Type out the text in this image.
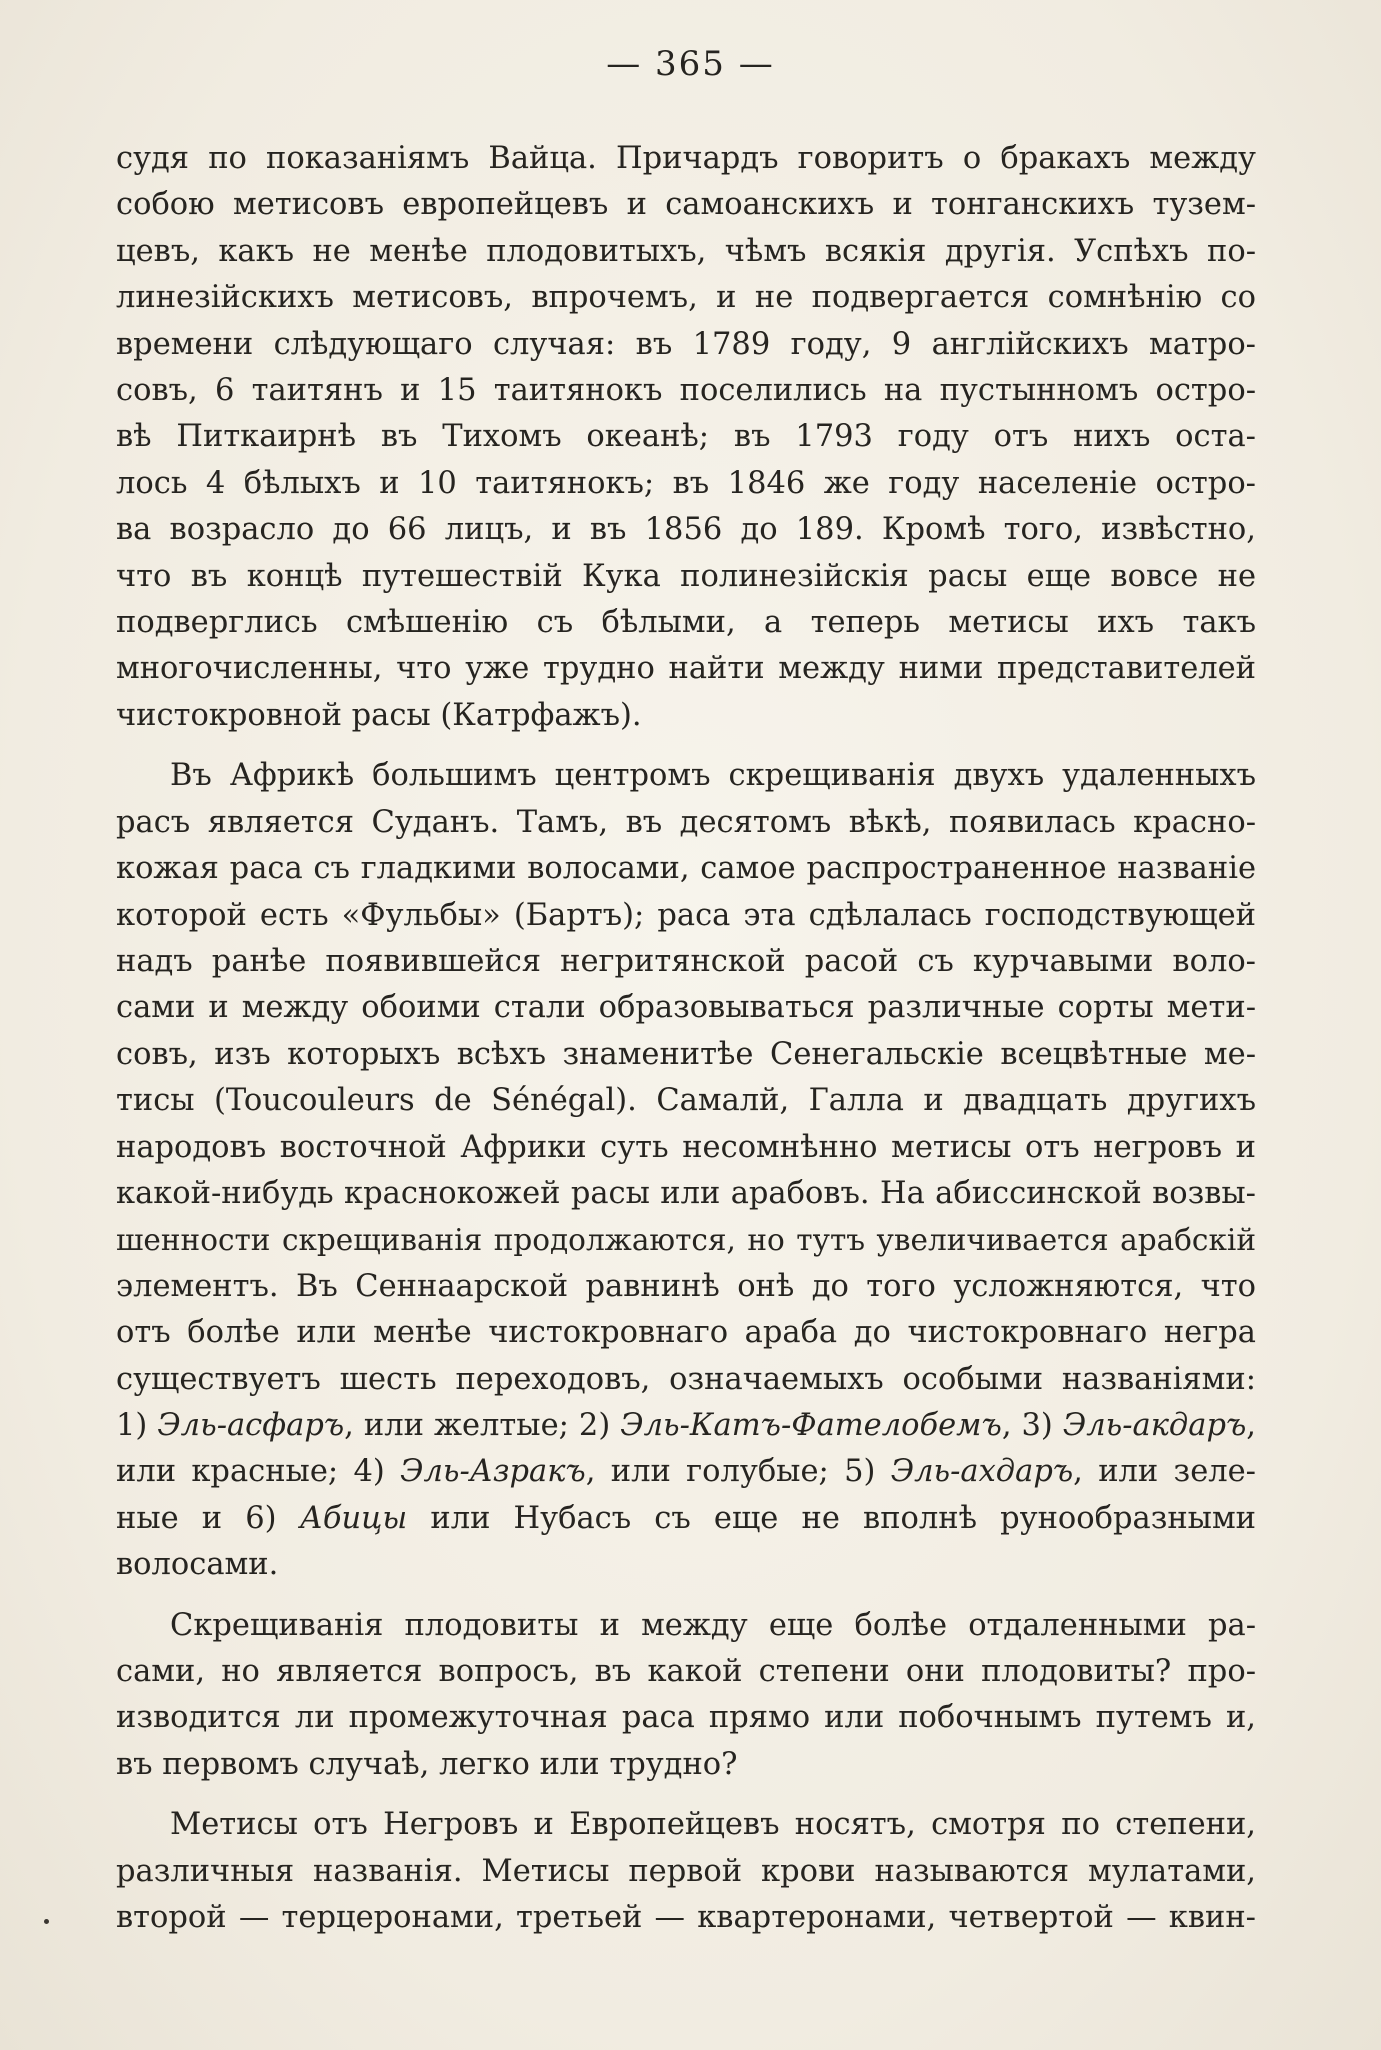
— 365 —
судя по показаніямъ Вайца. Причардъ говоритъ о бракахъ между
собою метисовъ европейцевъ и самоанскихъ и тонганскихъ тузем-
цевъ, какъ не менѣе плодовитыхъ, чѣмъ всякія другія. Успѣхъ по-
линезійскихъ метисовъ, впрочемъ, и не подвергается сомнѣнію со
времени слѣдующаго случая: въ 1789 году, 9 англійскихъ матро-
совъ, 6 таитянъ и 15 таитянокъ поселились на пустынномъ остро-
вѣ Питкаирнѣ въ Тихомъ океанѣ; въ 1793 году отъ нихъ оста-
лось 4 бѣлыхъ и 10 таитянокъ; въ 1846 же году населеніе остро-
ва возрасло до 66 лицъ, и въ 1856 до 189. Кромѣ того, извѣстно,
что въ концѣ путешествій Кука полинезійскія расы еще вовсе не
подверглись смѣшенію съ бѣлыми, а теперь метисы ихъ такъ
многочисленны, что уже трудно найти между ними представителей
чистокровной расы (Катрфажъ).
Въ Африкѣ большимъ центромъ скрещиванія двухъ удаленныхъ
расъ является Суданъ. Тамъ, въ десятомъ вѣкѣ, появилась красно-
кожая раса съ гладкими волосами, самое распространенное названіе
которой есть «Фульбы» (Бартъ); раса эта сдѣлалась господствующей
надъ ранѣе появившейся негритянской расой съ курчавыми воло-
сами и между обоими стали образовываться различные сорты мети-
совъ, изъ которыхъ всѣхъ знаменитѣе Сенегальскіе всецвѣтные ме-
тисы (Toucouleurs de Sénégal). Самалй, Галла и двадцать другихъ
народовъ восточной Африки суть несомнѣнно метисы отъ негровъ и
какой-нибудь краснокожей расы или арабовъ. На абиссинской возвы-
шенности скрещиванія продолжаются, но тутъ увеличивается арабскій
элементъ. Въ Сеннаарской равнинѣ онѣ до того усложняются, что
отъ болѣе или менѣе чистокровнаго араба до чистокровнаго негра
существуетъ шесть переходовъ, означаемыхъ особыми названіями:
1) Эль-асфаръ, или желтые; 2) Эль-Катъ-Фателобемъ, 3) Эль-акдаръ,
или красные; 4) Эль-Азракъ, или голубые; 5) Эль-ахдаръ, или зеле-
ные и 6) Абицы или Нубасъ съ еще не вполнѣ рунообразными
волосами.
Скрещиванія плодовиты и между еще болѣе отдаленными ра-
сами, но является вопросъ, въ какой степени они плодовиты? про-
изводится ли промежуточная раса прямо или побочнымъ путемъ и,
въ первомъ случаѣ, легко или трудно?
Метисы отъ Негровъ и Европейцевъ носятъ, смотря по степени,
различныя названія. Метисы первой крови называются мулатами,
второй — терцеронами, третьей — квартеронами, четвертой — квин-
